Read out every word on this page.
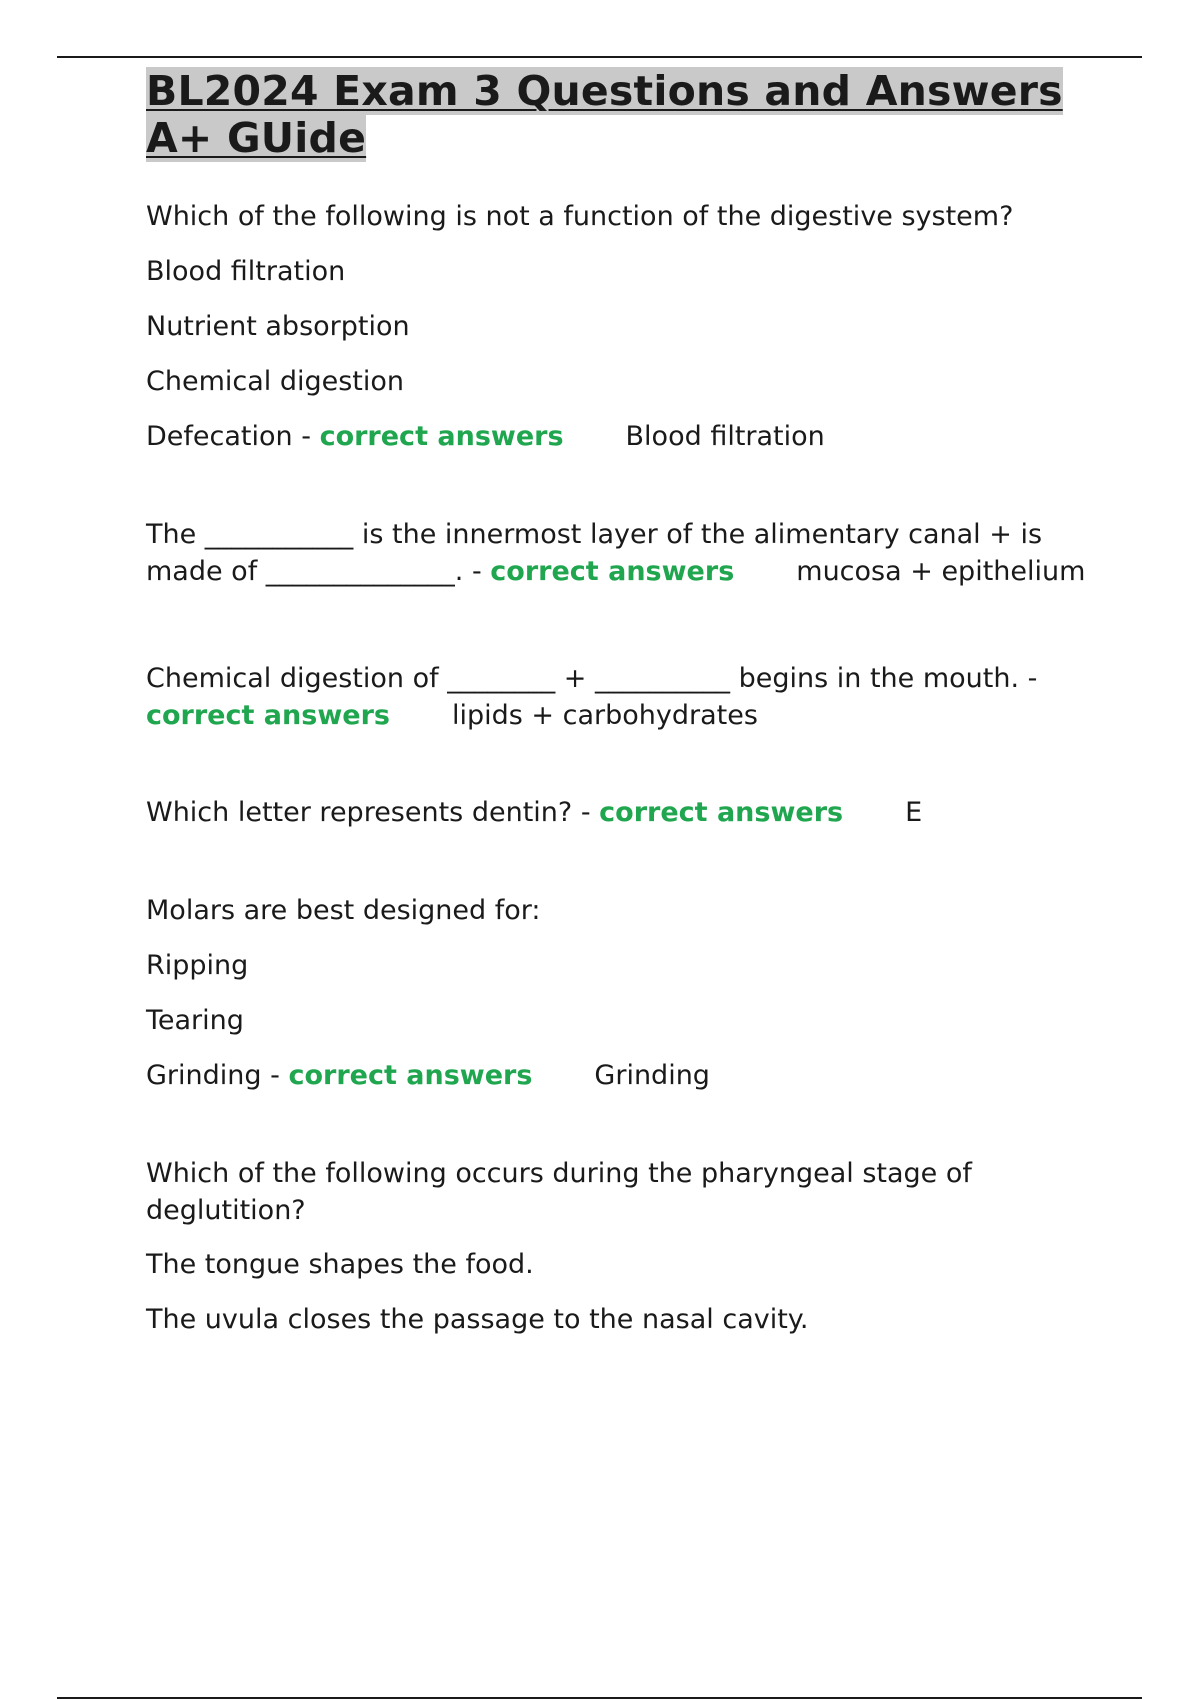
BL2024 Exam 3 Questions and Answers A+ GUide

Which of the following is not a function of the digestive system?

Blood filtration

Nutrient absorption

Chemical digestion

Defecation - correct answers Blood filtration

The ___________ is the innermost layer of the alimentary canal + is made of ______________. - correct answers mucosa + epithelium

Chemical digestion of ________ + __________ begins in the mouth. - correct answers lipids + carbohydrates

Which letter represents dentin? - correct answers E

Molars are best designed for:

Ripping

Tearing

Grinding - correct answers Grinding

Which of the following occurs during the pharyngeal stage of deglutition?

The tongue shapes the food.

The uvula closes the passage to the nasal cavity.
